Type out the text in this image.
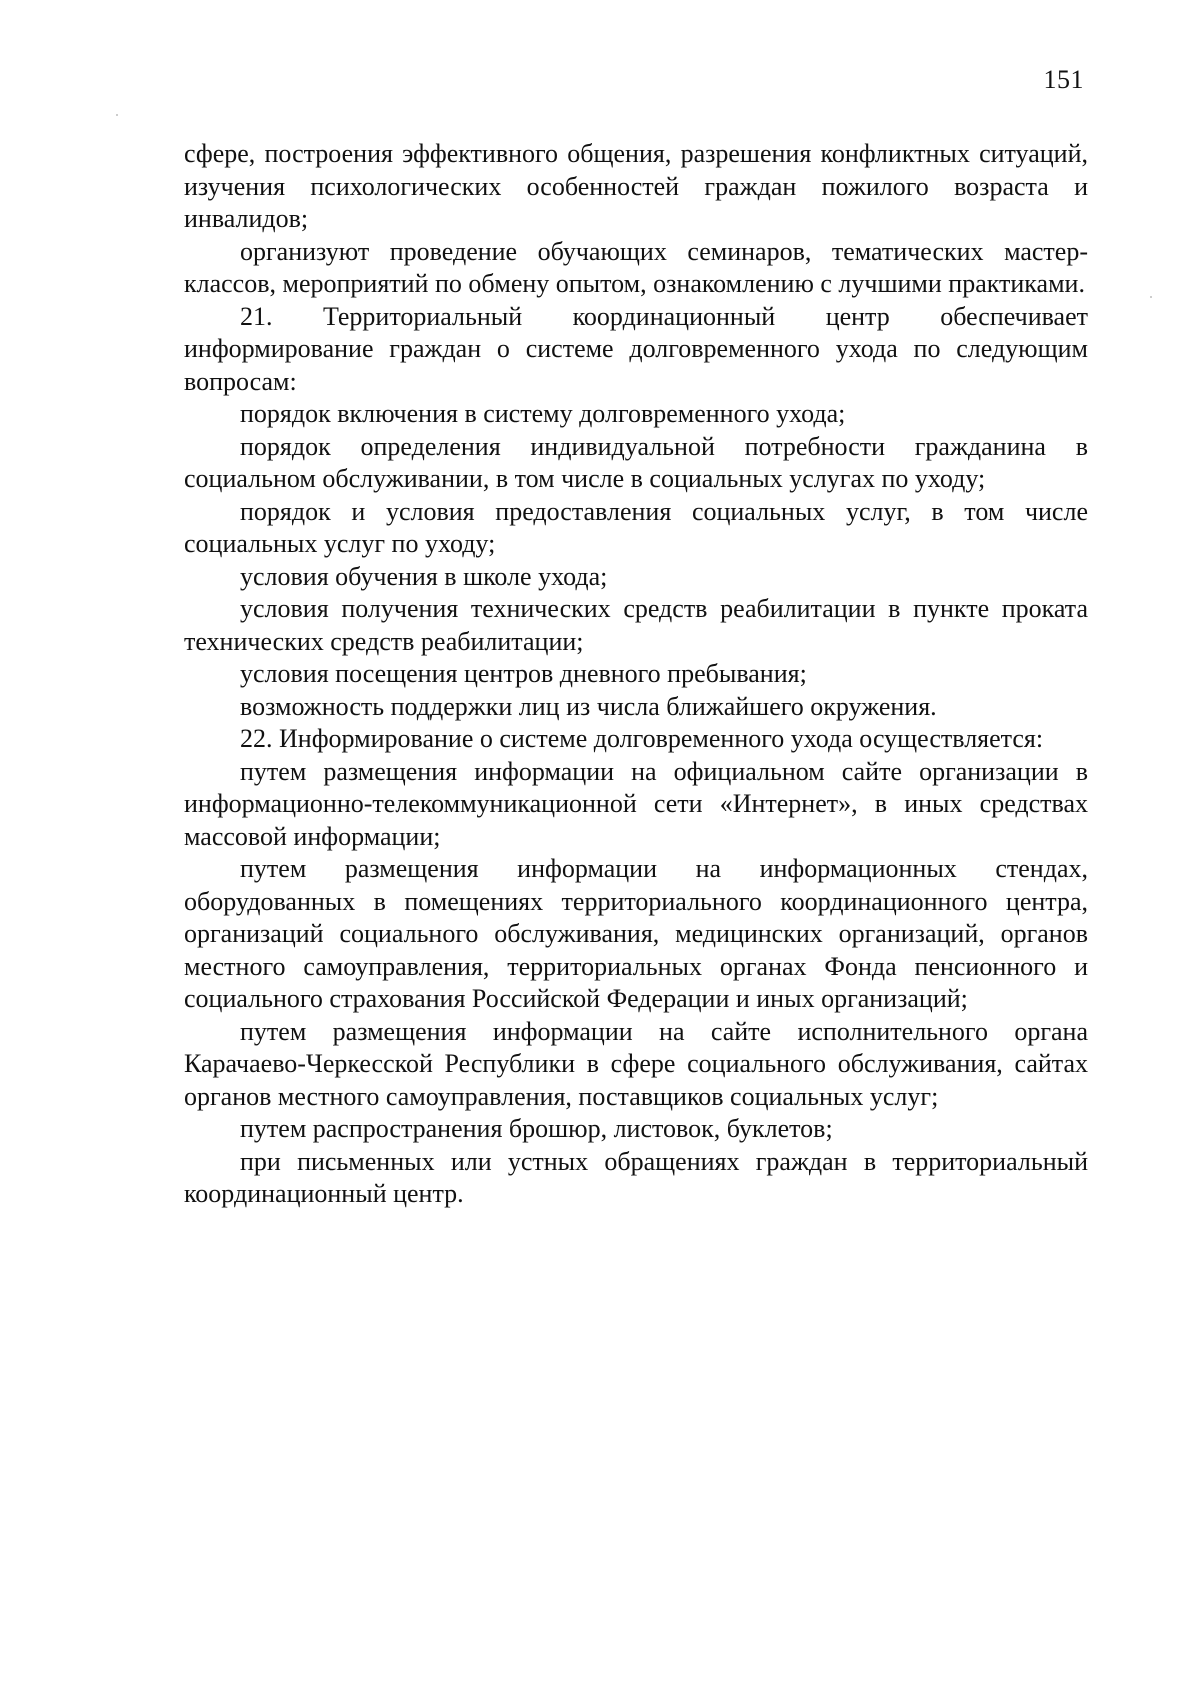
151

сфере, построения эффективного общения, разрешения конфликтных ситуаций, изучения психологических особенностей граждан пожилого возраста и инвалидов;

организуют проведение обучающих семинаров, тематических мастер-классов, мероприятий по обмену опытом, ознакомлению с лучшими практиками.

21. Территориальный координационный центр обеспечивает информирование граждан о системе долговременного ухода по следующим вопросам:

порядок включения в систему долговременного ухода;

порядок определения индивидуальной потребности гражданина в социальном обслуживании, в том числе в социальных услугах по уходу;

порядок и условия предоставления социальных услуг, в том числе социальных услуг по уходу;

условия обучения в школе ухода;

условия получения технических средств реабилитации в пункте проката технических средств реабилитации;

условия посещения центров дневного пребывания;

возможность поддержки лиц из числа ближайшего окружения.

22. Информирование о системе долговременного ухода осуществляется:

путем размещения информации на официальном сайте организации в информационно-телекоммуникационной сети «Интернет», в иных средствах массовой информации;

путем размещения информации на информационных стендах, оборудованных в помещениях территориального координационного центра, организаций социального обслуживания, медицинских организаций, органов местного самоуправления, территориальных органах Фонда пенсионного и социального страхования Российской Федерации и иных организаций;

путем размещения информации на сайте исполнительного органа Карачаево-Черкесской Республики в сфере социального обслуживания, сайтах органов местного самоуправления, поставщиков социальных услуг;

путем распространения брошюр, листовок, буклетов;

при письменных или устных обращениях граждан в территориальный координационный центр.
